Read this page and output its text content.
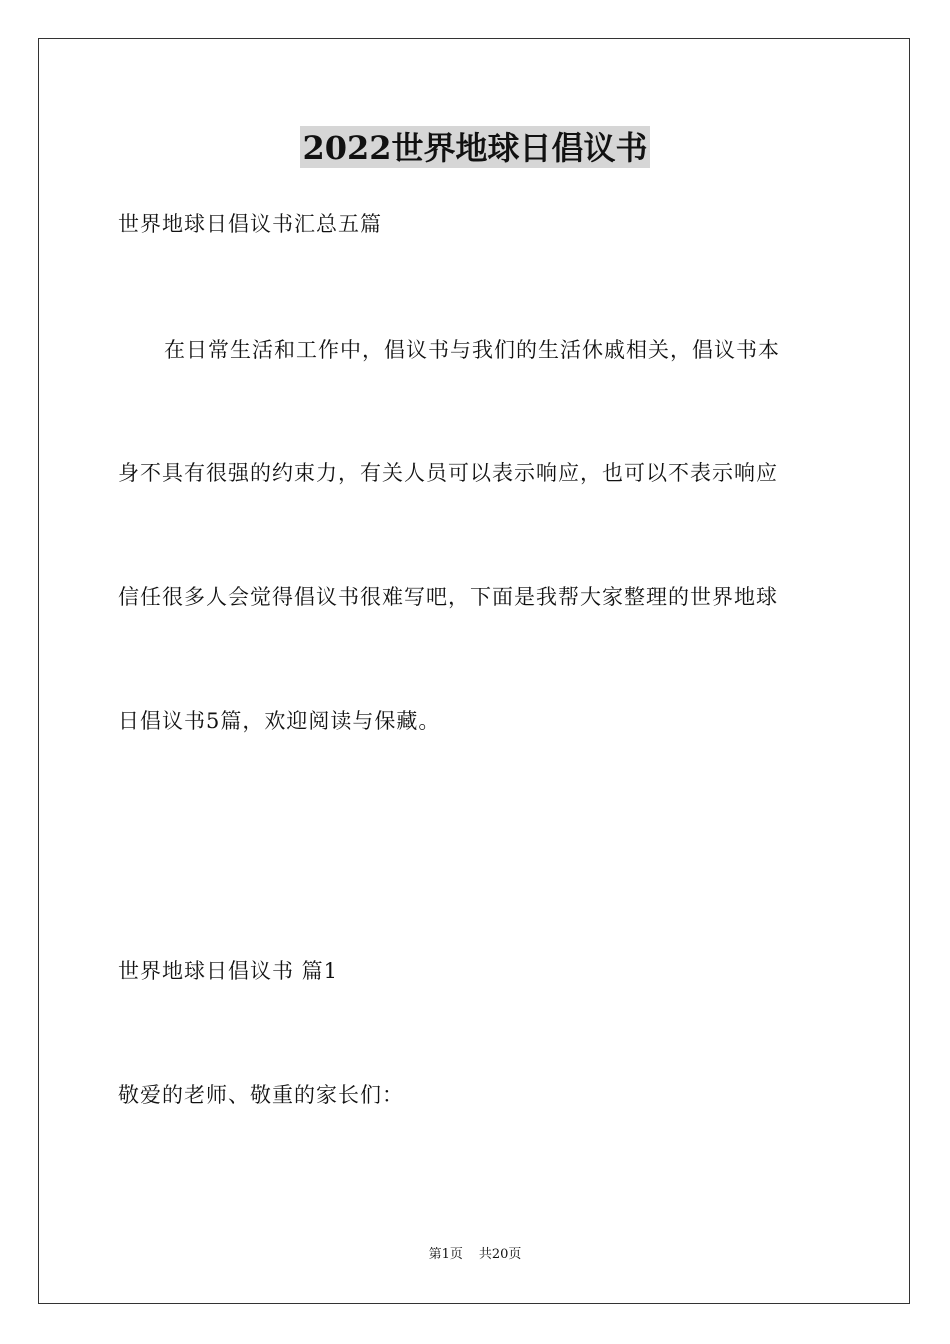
2022世界地球日倡议书
世界地球日倡议书汇总五篇
在日常生活和工作中，倡议书与我们的生活休戚相关，倡议书本
身不具有很强的约束力，有关人员可以表示响应，也可以不表示响应
信任很多人会觉得倡议书很难写吧，下面是我帮大家整理的世界地球
日倡议书5篇，欢迎阅读与保藏。
世界地球日倡议书 篇1
敬爱的老师、敬重的家长们：
第1页 共20页
